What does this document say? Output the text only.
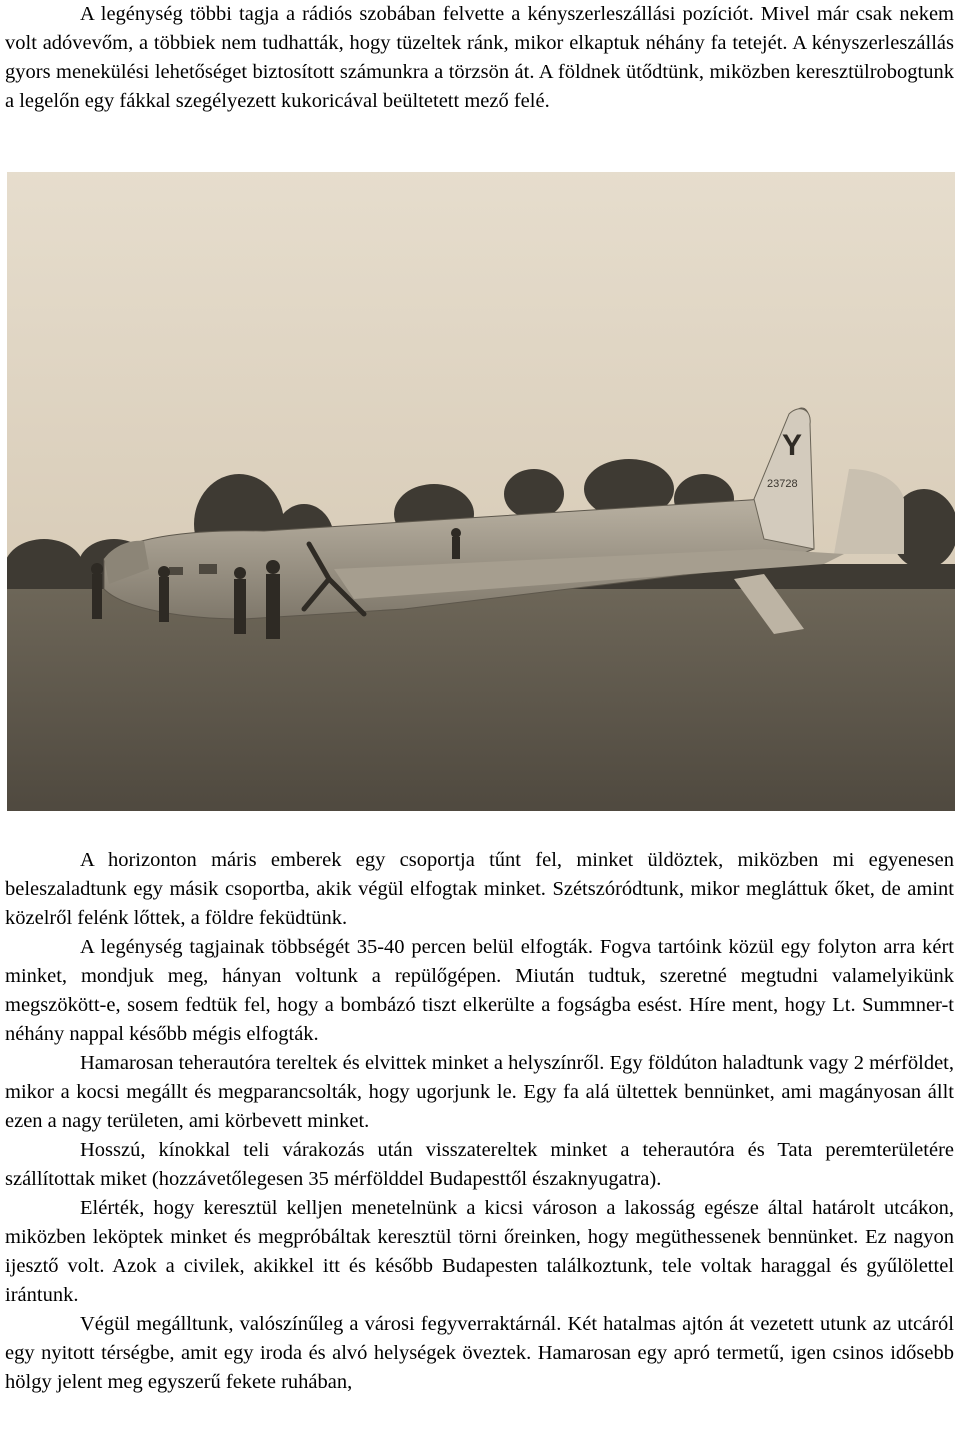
A legénység többi tagja a rádiós szobában felvette a kényszerleszállási pozíciót. Mivel már csak nekem volt adóvevőm, a többiek nem tudhatták, hogy tüzeltek ránk, mikor elkaptuk néhány fa tetejét. A kényszerleszállás gyors menekülési lehetőséget biztosított számunkra a törzsön át. A földnek ütődtünk, miközben keresztülrobogtunk a legelőn egy fákkal szegélyezett kukoricával beültetett mező felé.

Y
23728

A horizonton máris emberek egy csoportja tűnt fel, minket üldöztek, miközben mi egyenesen beleszaladtunk egy másik csoportba, akik végül elfogtak minket. Szétszóródtunk, mikor megláttuk őket, de amint közelről felénk lőttek, a földre feküdtünk.

A legénység tagjainak többségét 35-40 percen belül elfogták. Fogva tartóink közül egy folyton arra kért minket, mondjuk meg, hányan voltunk a repülőgépen. Miután tudtuk, szeretné megtudni valamelyikünk megszökött-e, sosem fedtük fel, hogy a bombázó tiszt elkerülte a fogságba esést. Híre ment, hogy Lt. Summner-t néhány nappal később mégis elfogták.

Hamarosan teherautóra tereltek és elvittek minket a helyszínről. Egy földúton haladtunk vagy 2 mérföldet, mikor a kocsi megállt és megparancsolták, hogy ugorjunk le. Egy fa alá ültettek bennünket, ami magányosan állt ezen a nagy területen, ami körbevett minket.

Hosszú, kínokkal teli várakozás után visszatereltek minket a teherautóra és Tata peremterületére szállítottak miket (hozzávetőlegesen 35 mérfölddel Budapesttől északnyugatra).

Elérték, hogy keresztül kelljen menetelnünk a kicsi városon a lakosság egésze által határolt utcákon, miközben leköptek minket és megpróbáltak keresztül törni őreinken, hogy megüthessenek bennünket. Ez nagyon ijesztő volt. Azok a civilek, akikkel itt és később Budapesten találkoztunk, tele voltak haraggal és gyűlölettel irántunk.

Végül megálltunk, valószínűleg a városi fegyverraktárnál. Két hatalmas ajtón át vezetett utunk az utcáról egy nyitott térségbe, amit egy iroda és alvó helységek öveztek. Hamarosan egy apró termetű, igen csinos idősebb hölgy jelent meg egyszerű fekete ruhában,
